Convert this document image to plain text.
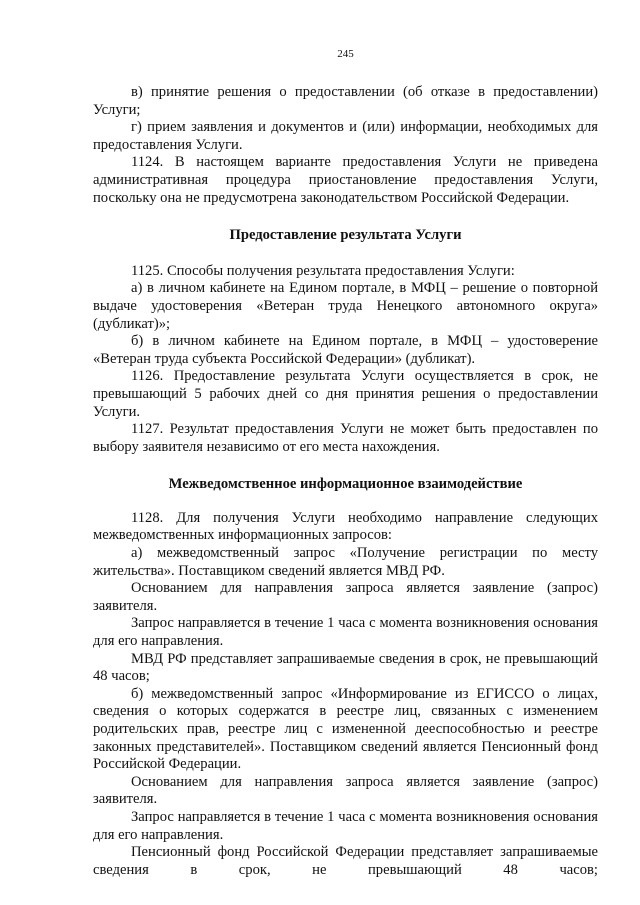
245

в) принятие решения о предоставлении (об отказе в предоставлении) Услуги;

г) прием заявления и документов и (или) информации, необходимых для предоставления Услуги.

1124. В настоящем варианте предоставления Услуги не приведена административная процедура приостановление предоставления Услуги, поскольку она не предусмотрена законодательством Российской Федерации.

Предоставление результата Услуги

1125. Способы получения результата предоставления Услуги:

а) в личном кабинете на Едином портале, в МФЦ – решение о повторной выдаче удостоверения «Ветеран труда Ненецкого автономного округа» (дубликат)»;

б) в личном кабинете на Едином портале, в МФЦ – удостоверение «Ветеран труда субъекта Российской Федерации» (дубликат).

1126. Предоставление результата Услуги осуществляется в срок, не превышающий 5 рабочих дней со дня принятия решения о предоставлении Услуги.

1127. Результат предоставления Услуги не может быть предоставлен по выбору заявителя независимо от его места нахождения.

Межведомственное информационное взаимодействие

1128. Для получения Услуги необходимо направление следующих межведомственных информационных запросов:

а) межведомственный запрос «Получение регистрации по месту жительства». Поставщиком сведений является МВД РФ.

Основанием для направления запроса является заявление (запрос) заявителя.

Запрос направляется в течение 1 часа с момента возникновения основания для его направления.

МВД РФ представляет запрашиваемые сведения в срок, не превышающий 48 часов;

б) межведомственный запрос «Информирование из ЕГИССО о лицах, сведения о которых содержатся в реестре лиц, связанных с изменением родительских прав, реестре лиц с измененной дееспособностью и реестре законных представителей». Поставщиком сведений является Пенсионный фонд Российской Федерации.

Основанием для направления запроса является заявление (запрос) заявителя.

Запрос направляется в течение 1 часа с момента возникновения основания для его направления.

Пенсионный фонд Российской Федерации представляет запрашиваемые сведения в срок, не превышающий 48 часов;
